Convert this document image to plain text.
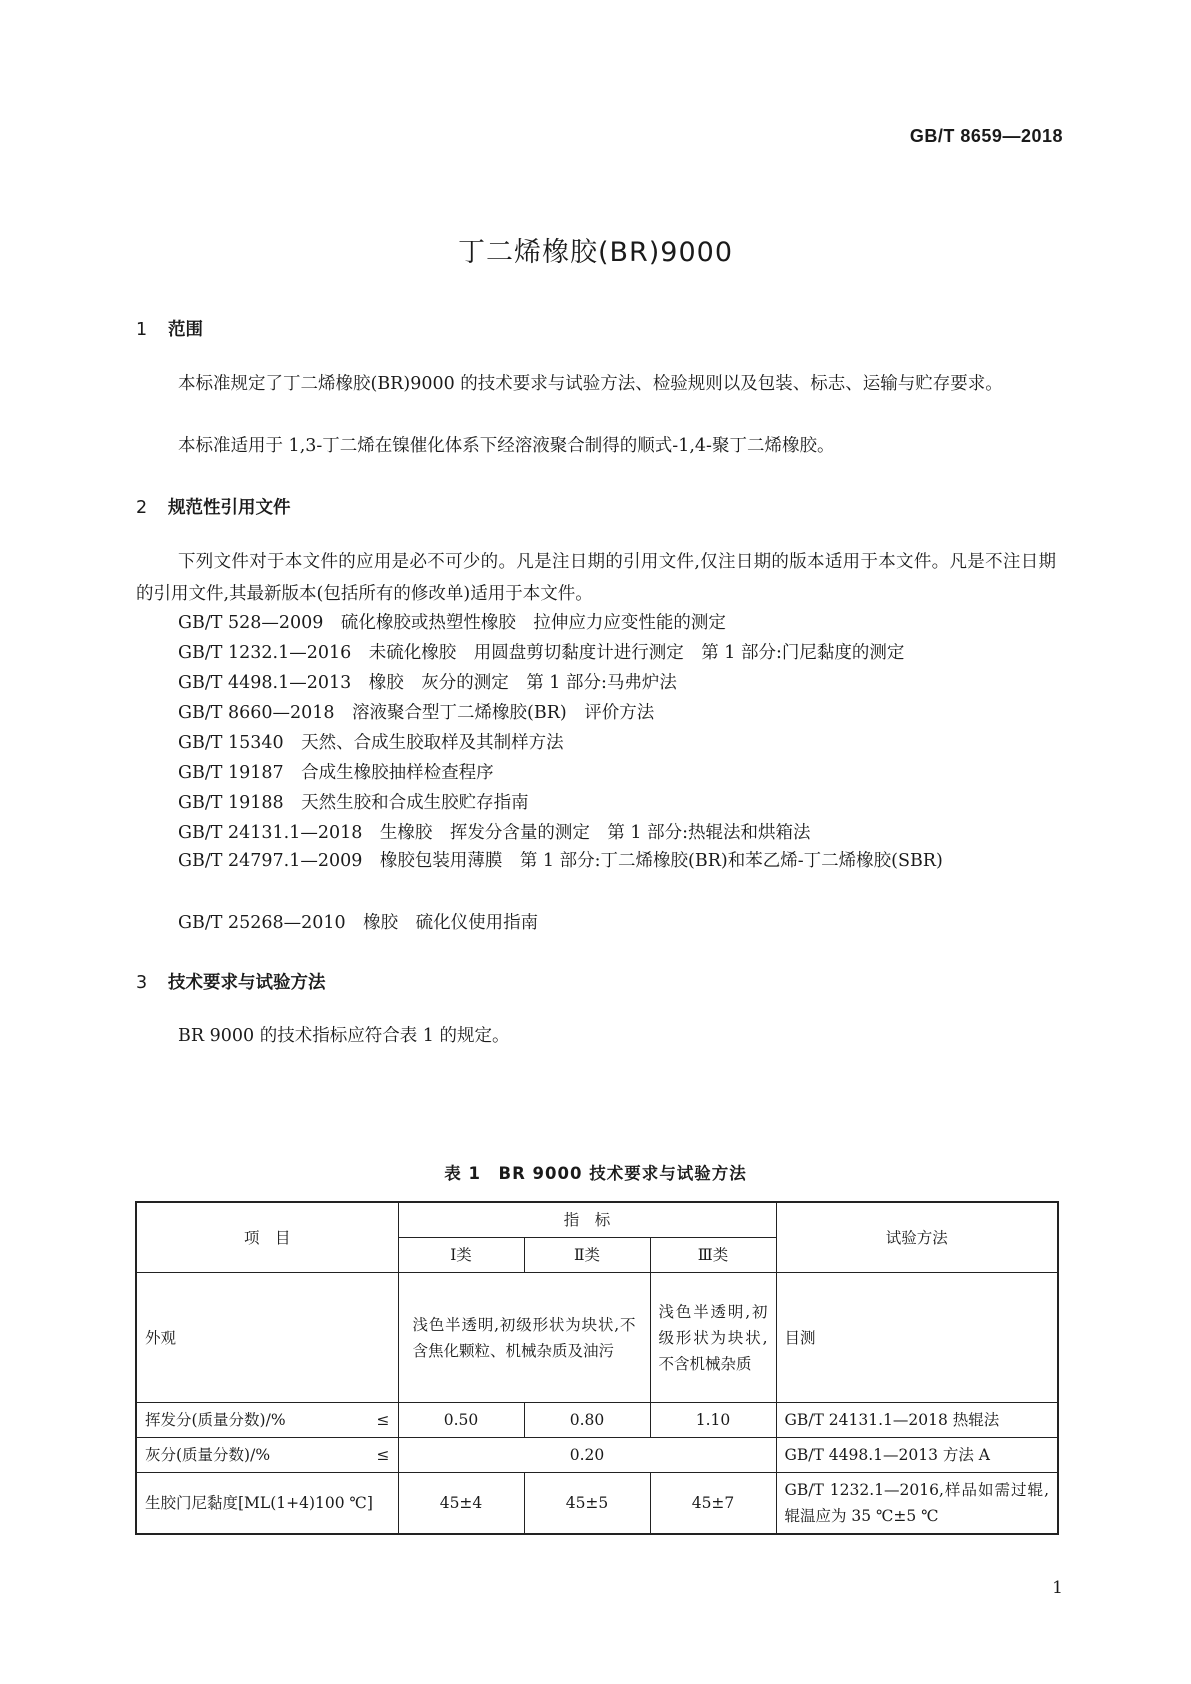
GB/T 8659—2018
丁二烯橡胶(BR)9000
1 范围
本标准规定了丁二烯橡胶(BR)9000 的技术要求与试验方法、检验规则以及包装、标志、运输与贮存要求。
本标准适用于 1,3-丁二烯在镍催化体系下经溶液聚合制得的顺式-1,4-聚丁二烯橡胶。
2 规范性引用文件
下列文件对于本文件的应用是必不可少的。凡是注日期的引用文件,仅注日期的版本适用于本文件。凡是不注日期的引用文件,其最新版本(包括所有的修改单)适用于本文件。
GB/T 528—2009　硫化橡胶或热塑性橡胶　拉伸应力应变性能的测定
GB/T 1232.1—2016　未硫化橡胶　用圆盘剪切黏度计进行测定　第 1 部分:门尼黏度的测定
GB/T 4498.1—2013　橡胶　灰分的测定　第 1 部分:马弗炉法
GB/T 8660—2018　溶液聚合型丁二烯橡胶(BR)　评价方法
GB/T 15340　天然、合成生胶取样及其制样方法
GB/T 19187　合成生橡胶抽样检查程序
GB/T 19188　天然生胶和合成生胶贮存指南
GB/T 24131.1—2018　生橡胶　挥发分含量的测定　第 1 部分:热辊法和烘箱法
GB/T 24797.1—2009　橡胶包装用薄膜　第 1 部分:丁二烯橡胶(BR)和苯乙烯-丁二烯橡胶(SBR)
GB/T 25268—2010　橡胶　硫化仪使用指南
3 技术要求与试验方法
BR 9000 的技术指标应符合表 1 的规定。
表 1　BR 9000 技术要求与试验方法
项　目	指　标			试验方法
	Ⅰ类	Ⅱ类	Ⅲ类	
外观	浅色半透明,初级形状为块状,不含焦化颗粒、机械杂质及油污		浅色半透明,初级形状为块状,不含机械杂质	目测
挥发分(质量分数)/% ≤	0.50	0.80	1.10	GB/T 24131.1—2018 热辊法
灰分(质量分数)/% ≤	0.20			GB/T 4498.1—2013 方法 A
生胶门尼黏度[ML(1+4)100 ℃]	45±4	45±5	45±7	GB/T 1232.1—2016,样品如需过辊,辊温应为 35 ℃±5 ℃
1
